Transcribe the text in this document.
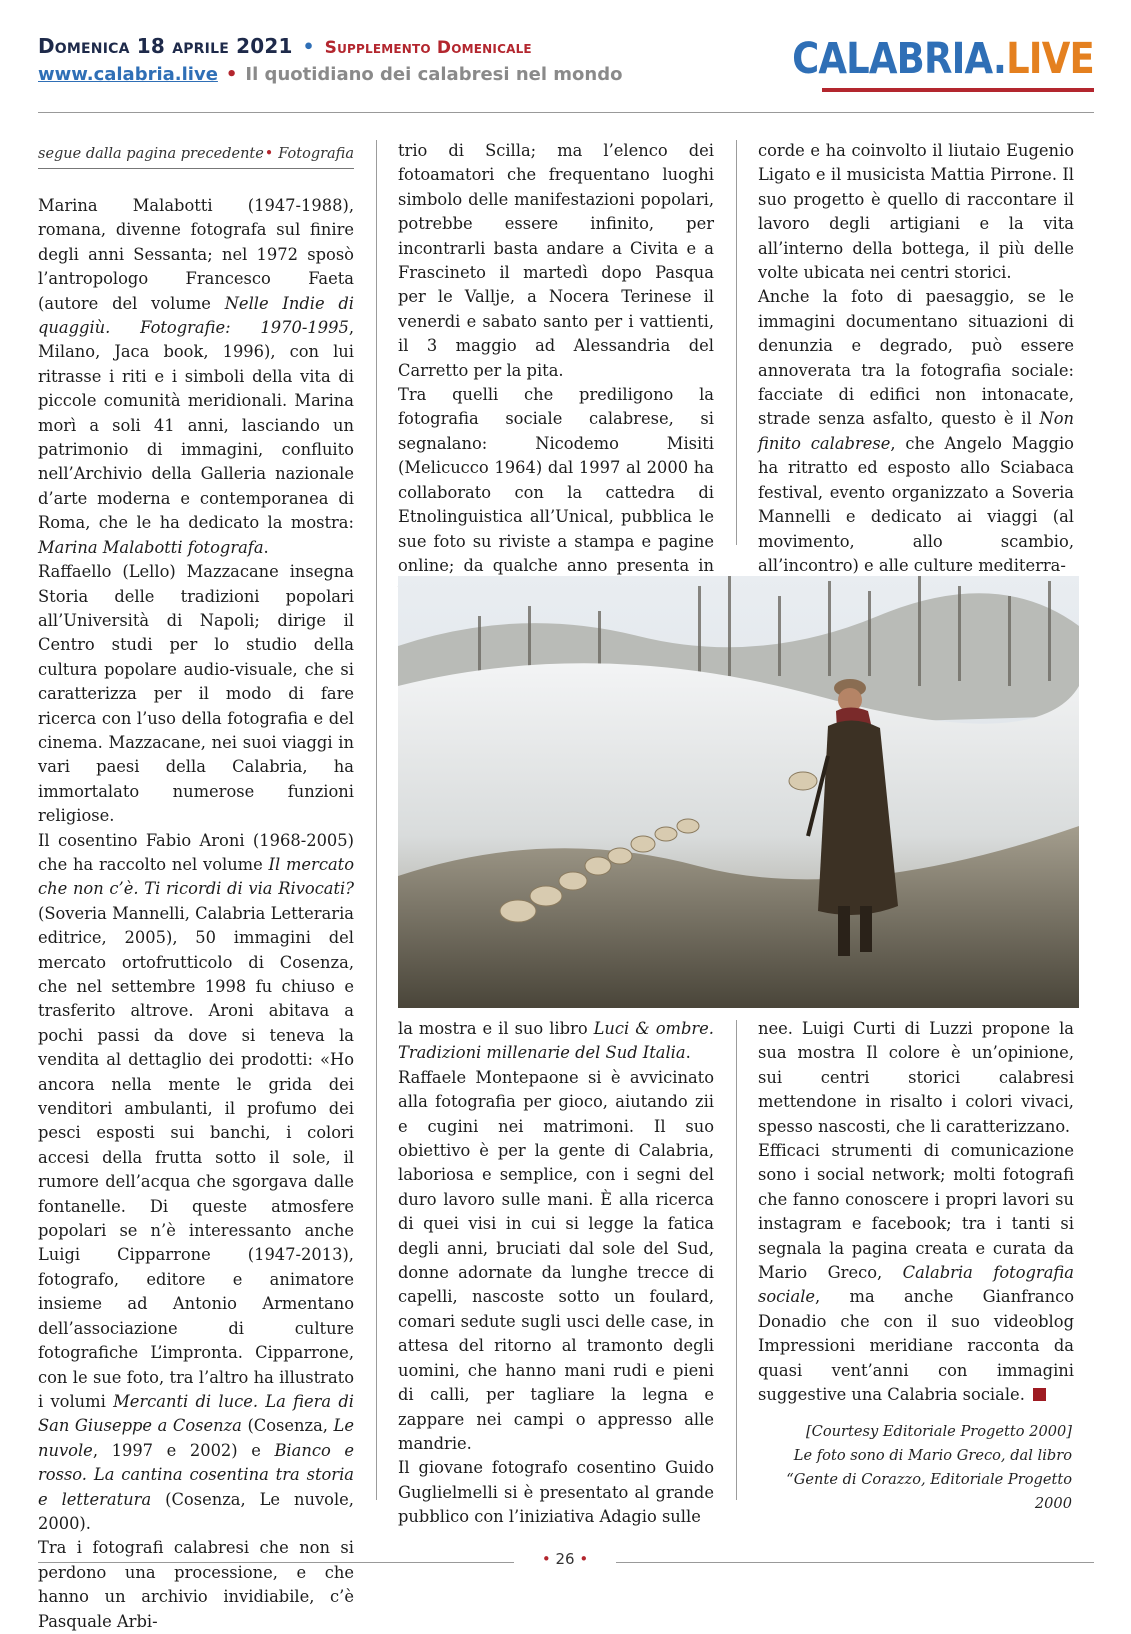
Domenica 18 aprile 2021 • Supplemento Domenicale
www.calabria.live • Il quotidiano dei calabresi nel mondo	CALABRIA.LIVE
segue dalla pagina precedente • Fotografia

Marina Malabotti (1947-1988), romana, divenne fotografa sul finire degli anni Sessanta; nel 1972 sposò l’antropologo Francesco Faeta (autore del volume Nelle Indie di quaggiù. Fotografie: 1970-1995, Milano, Jaca book, 1996), con lui ritrasse i riti e i simboli della vita di piccole comunità meridionali. Marina morì a soli 41 anni, lasciando un patrimonio di immagini, confluito nell’Archivio della Galleria nazionale d’arte moderna e contemporanea di Roma, che le ha dedicato la mostra: Marina Malabotti fotografa.

Raffaello (Lello) Mazzacane insegna Storia delle tradizioni popolari all’Università di Napoli; dirige il Centro studi per lo studio della cultura popolare audio-visuale, che si caratterizza per il modo di fare ricerca con l’uso della fotografia e del cinema. Mazzacane, nei suoi viaggi in vari paesi della Calabria, ha immortalato numerose funzioni religiose.

Il cosentino Fabio Aroni (1968-2005) che ha raccolto nel volume Il mercato che non c’è. Ti ricordi di via Rivocati? (Soveria Mannelli, Calabria Letteraria editrice, 2005), 50 immagini del mercato ortofrutticolo di Cosenza, che nel settembre 1998 fu chiuso e trasferito altrove. Aroni abitava a pochi passi da dove si teneva la vendita al dettaglio dei prodotti: «Ho ancora nella mente le grida dei venditori ambulanti, il profumo dei pesci esposti sui banchi, i colori accesi della frutta sotto il sole, il rumore dell’acqua che sgorgava dalle fontanelle. Di queste atmosfere popolari se n’è interessanto anche Luigi Cipparrone (1947-2013), fotografo, editore e animatore insieme ad Antonio Armentano dell’associazione di culture fotografiche L’impronta. Cipparrone, con le sue foto, tra l’altro ha illustrato i volumi Mercanti di luce. La fiera di San Giuseppe a Cosenza (Cosenza, Le nuvole, 1997 e 2002) e Bianco e rosso. La cantina cosentina tra storia e letteratura (Cosenza, Le nuvole, 2000).

Tra i fotografi calabresi che non si perdono una processione, e che hanno un archivio invidiabile, c’è Pasquale Arbi-

trio di Scilla; ma l’elenco dei fotoamatori che frequentano luoghi simbolo delle manifestazioni popolari, potrebbe essere infinito, per incontrarli basta andare a Civita e a Frascineto il martedì dopo Pasqua per le Vallje, a Nocera Terinese il venerdi e sabato santo per i vattienti, il 3 maggio ad Alessandria del Carretto per la pita.

Tra quelli che prediligono la fotografia sociale calabrese, si segnalano: Nicodemo Misiti (Melicucco 1964) dal 1997 al 2000 ha collaborato con la cattedra di Etnolinguistica all’Unical, pubblica le sue foto su riviste a stampa e pagine online; da qualche anno presenta in

corde e ha coinvolto il liutaio Eugenio Ligato e il musicista Mattia Pirrone. Il suo progetto è quello di raccontare il lavoro degli artigiani e la vita all’interno della bottega, il più delle volte ubicata nei centri storici.

Anche la foto di paesaggio, se le immagini documentano situazioni di denunzia e degrado, può essere annoverata tra la fotografia sociale: facciate di edifici non intonacate, strade senza asfalto, questo è il Non finito calabrese, che Angelo Maggio ha ritratto ed esposto allo Sciabaca festival, evento organizzato a Soveria Mannelli e dedicato ai viaggi (al movimento, allo scambio, all’incontro) e alle culture mediterra-

la mostra e il suo libro Luci & ombre. Tradizioni millenarie del Sud Italia.

Raffaele Montepaone si è avvicinato alla fotografia per gioco, aiutando zii e cugini nei matrimoni. Il suo obiettivo è per la gente di Calabria, laboriosa e semplice, con i segni del duro lavoro sulle mani. È alla ricerca di quei visi in cui si legge la fatica degli anni, bruciati dal sole del Sud, donne adornate da lunghe trecce di capelli, nascoste sotto un foulard, comari sedute sugli usci delle case, in attesa del ritorno al tramonto degli uomini, che hanno mani rudi e pieni di calli, per tagliare la legna e zappare nei campi o appresso alle mandrie.

Il giovane fotografo cosentino Guido Guglielmelli si è presentato al grande pubblico con l’iniziativa Adagio sulle

nee. Luigi Curti di Luzzi propone la sua mostra Il colore è un’opinione, sui centri storici calabresi mettendone in risalto i colori vivaci, spesso nascosti, che li caratterizzano.

Efficaci strumenti di comunicazione sono i social network; molti fotografi che fanno conoscere i propri lavori su instagram e facebook; tra i tanti si segnala la pagina creata e curata da Mario Greco, Calabria fotografia sociale, ma anche Gianfranco Donadio che con il suo videoblog Impressioni meridiane racconta da quasi vent’anni con immagini suggestive una Calabria sociale.

[Courtesy Editoriale Progetto 2000]

Le foto sono di Mario Greco, dal libro “Gente di Corazzo, Editoriale Progetto 2000

• 26 •
